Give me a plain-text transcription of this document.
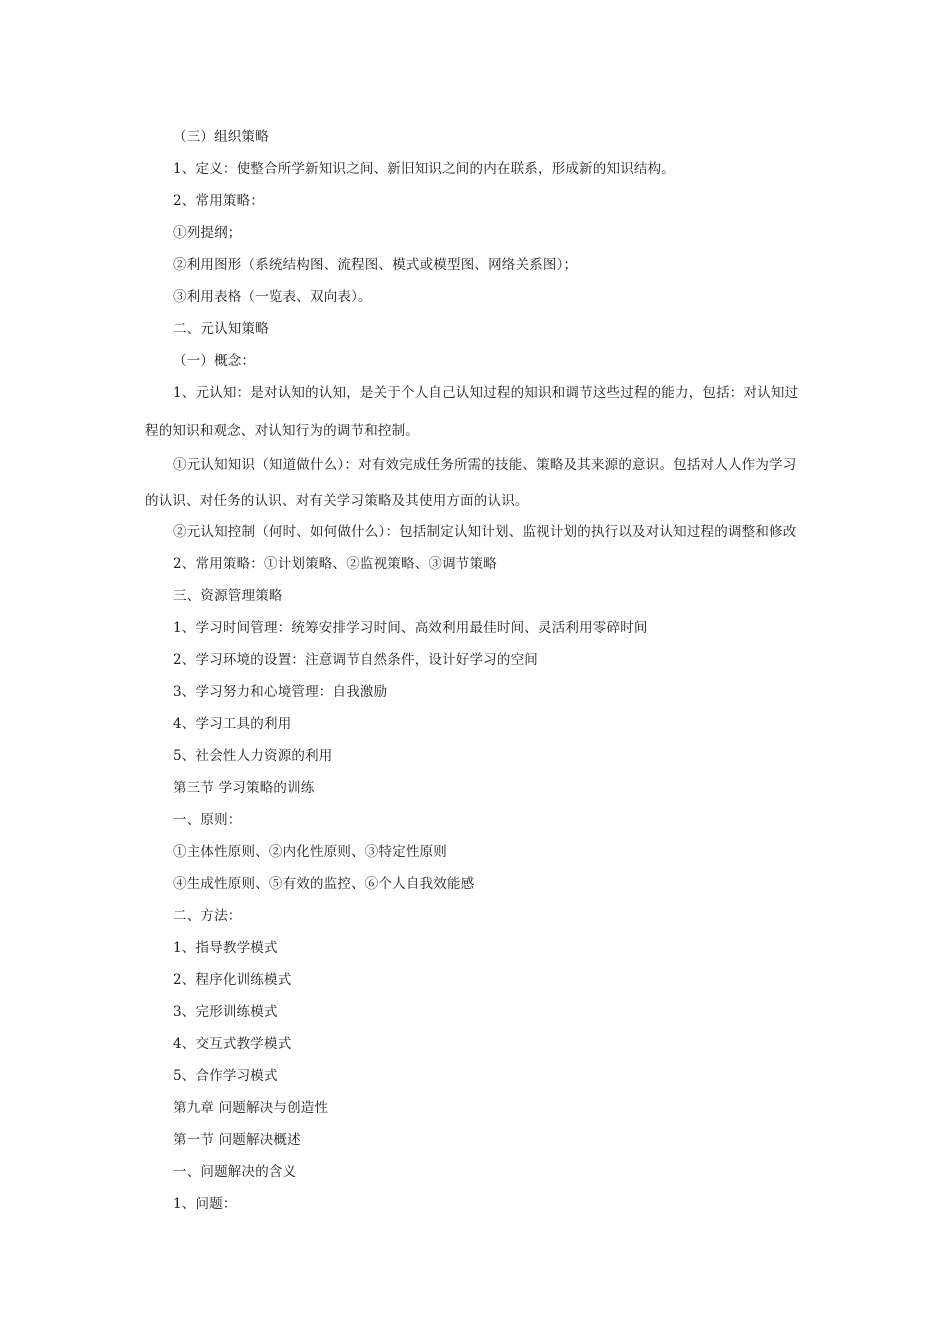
（三）组织策略
1、定义：使整合所学新知识之间、新旧知识之间的内在联系，形成新的知识结构。
2、常用策略：
①列提纲；
②利用图形（系统结构图、流程图、模式或模型图、网络关系图）；
③利用表格（一览表、双向表）。
二、元认知策略
（一）概念：
1、元认知：是对认知的认知，是关于个人自己认知过程的知识和调节这些过程的能力，包括：对认知过
程的知识和观念、对认知行为的调节和控制。
①元认知知识（知道做什么）：对有效完成任务所需的技能、策略及其来源的意识。包括对人人作为学习
的认识、对任务的认识、对有关学习策略及其使用方面的认识。
②元认知控制（何时、如何做什么）：包括制定认知计划、监视计划的执行以及对认知过程的调整和修改
2、常用策略：①计划策略、②监视策略、③调节策略
三、资源管理策略
1、学习时间管理：统筹安排学习时间、高效利用最佳时间、灵活利用零碎时间
2、学习环境的设置：注意调节自然条件，设计好学习的空间
3、学习努力和心境管理：自我激励
4、学习工具的利用
5、社会性人力资源的利用
第三节 学习策略的训练
一、原则：
①主体性原则、②内化性原则、③特定性原则
④生成性原则、⑤有效的监控、⑥个人自我效能感
二、方法：
1、指导教学模式
2、程序化训练模式
3、完形训练模式
4、交互式教学模式
5、合作学习模式
第九章 问题解决与创造性
第一节 问题解决概述
一、问题解决的含义
1、问题：
